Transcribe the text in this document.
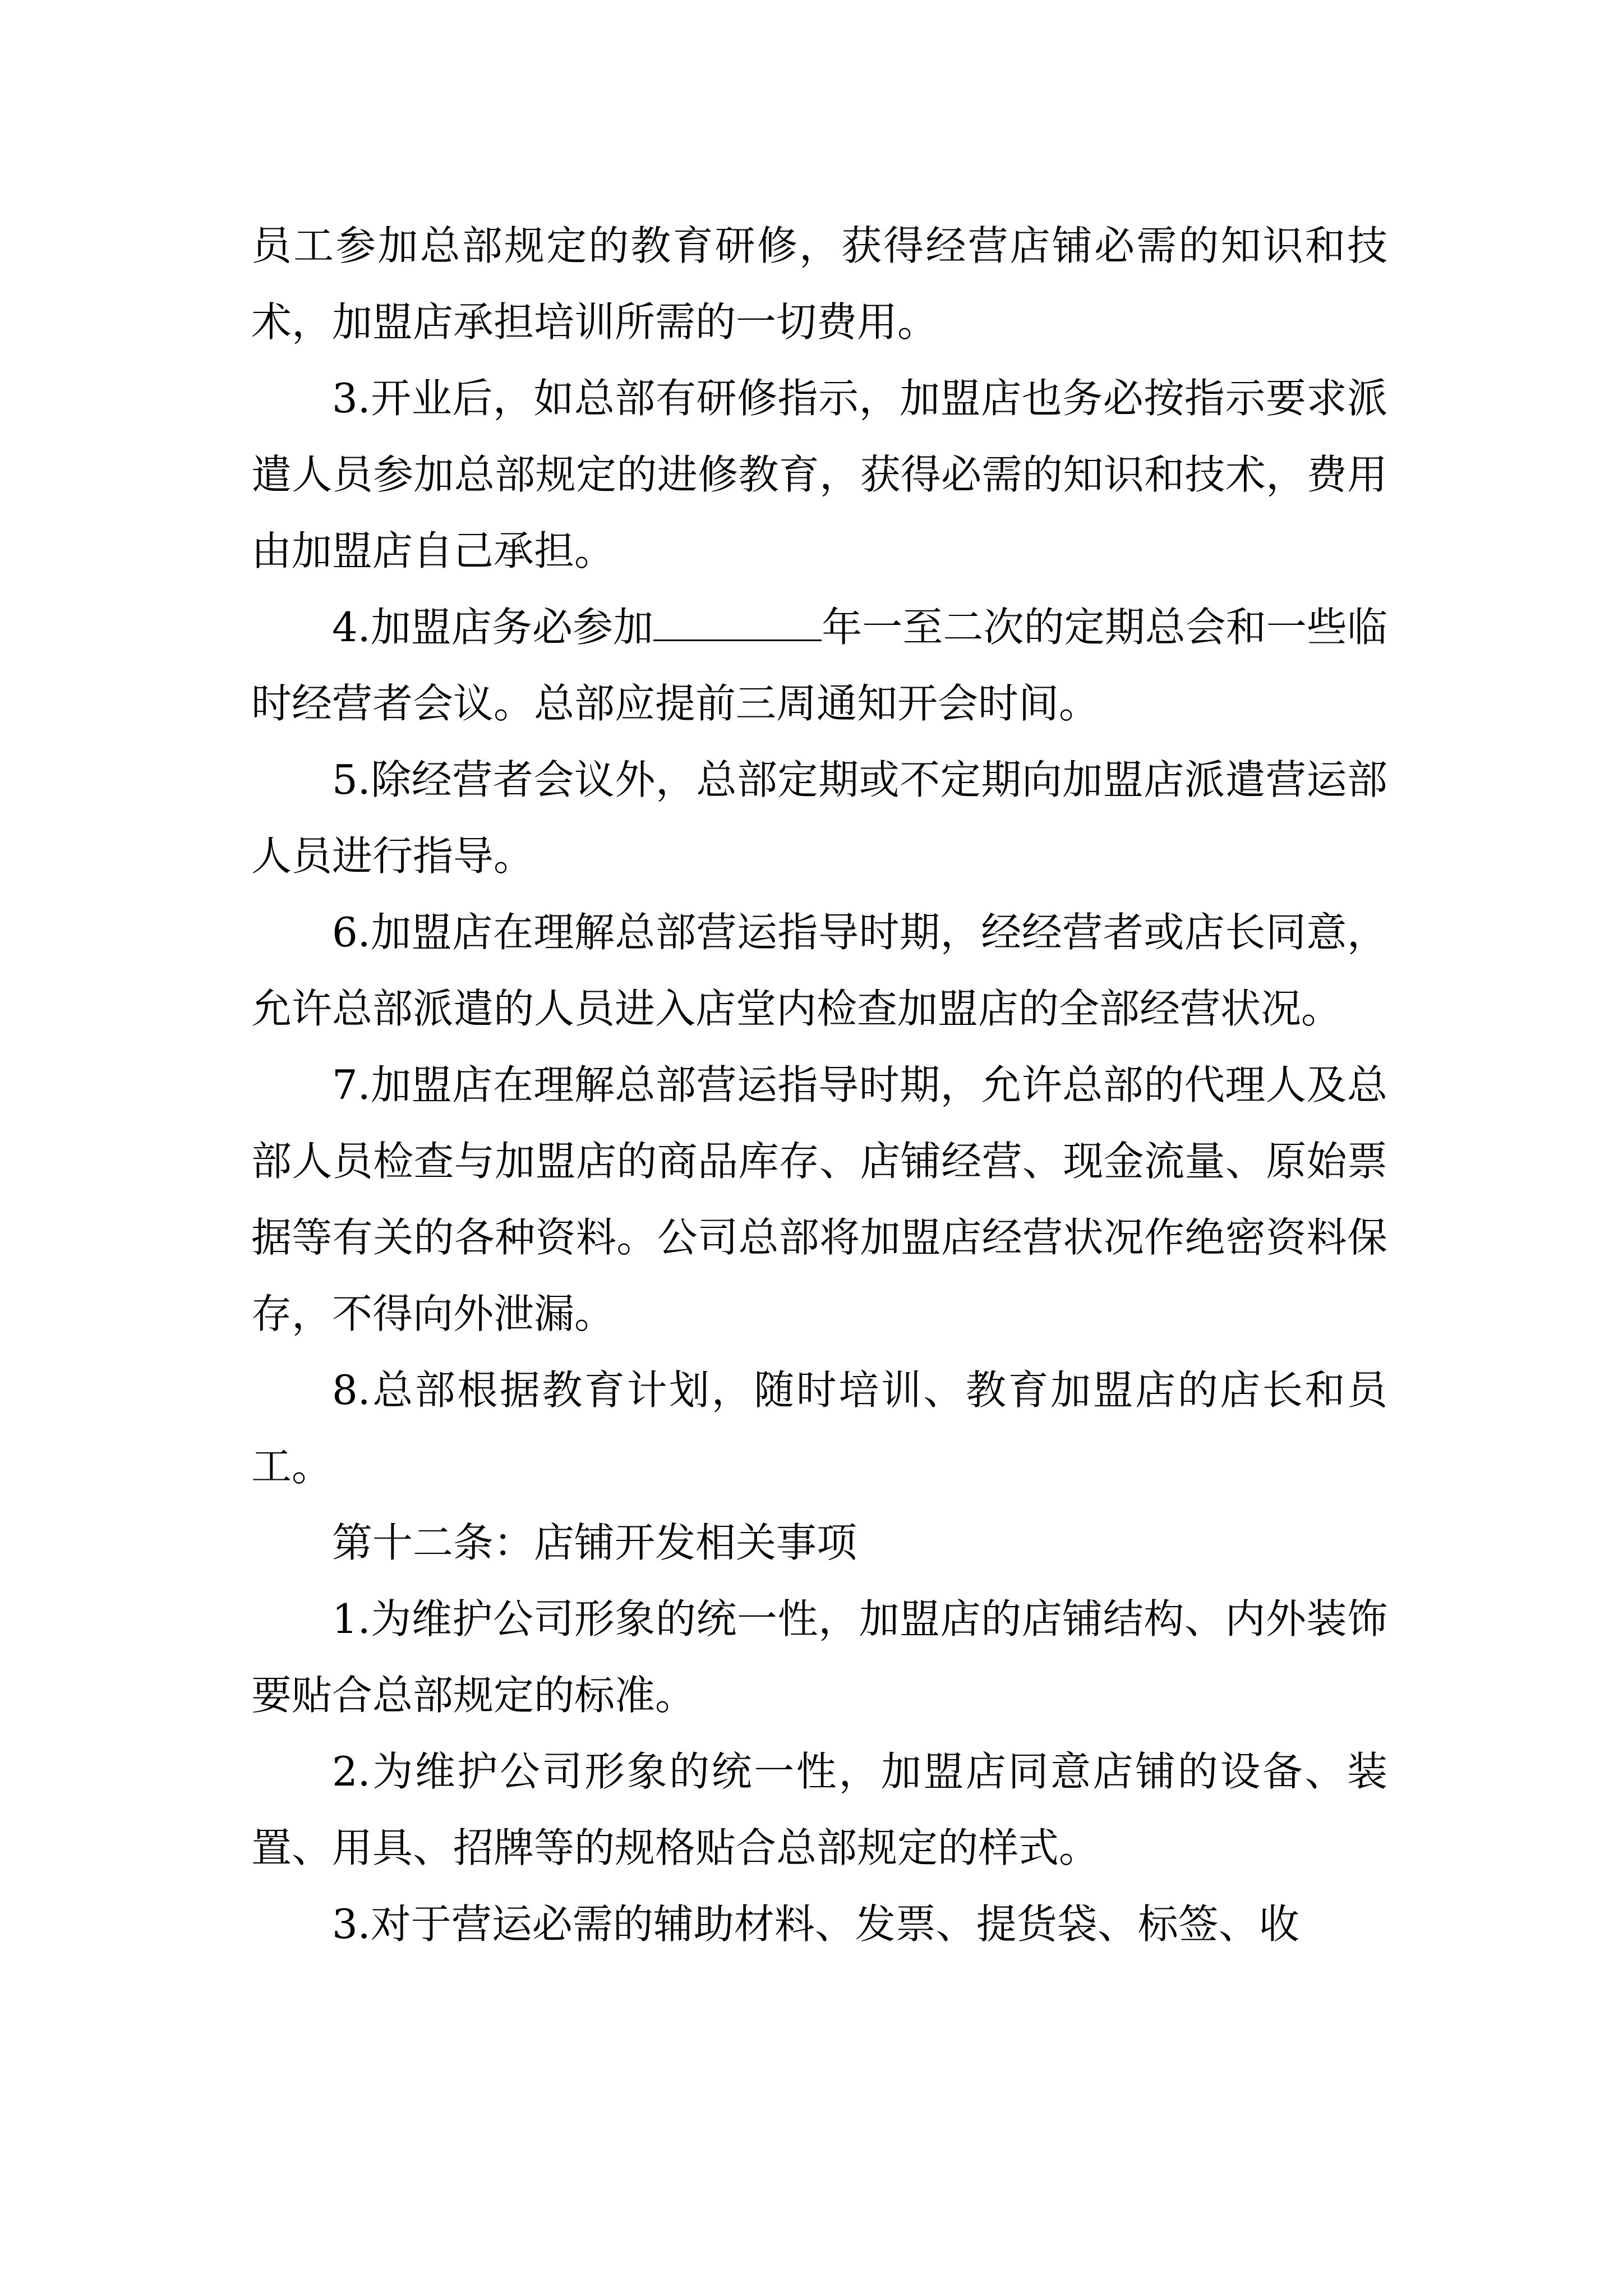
员工参加总部规定的教育研修，获得经营店铺必需的知识和技术，加盟店承担培训所需的一切费用。

3.开业后，如总部有研修指示，加盟店也务必按指示要求派遣人员参加总部规定的进修教育，获得必需的知识和技术，费用由加盟店自己承担。

4.加盟店务必参加	年一至二次的定期总会和一些临时经营者会议。总部应提前三周通知开会时间。

5.除经营者会议外，总部定期或不定期向加盟店派遣营运部人员进行指导。

6.加盟店在理解总部营运指导时期，经经营者或店长同意，允许总部派遣的人员进入店堂内检查加盟店的全部经营状况。

7.加盟店在理解总部营运指导时期，允许总部的代理人及总部人员检查与加盟店的商品库存、店铺经营、现金流量、原始票据等有关的各种资料。公司总部将加盟店经营状况作绝密资料保存，不得向外泄漏。

8.总部根据教育计划，随时培训、教育加盟店的店长和员工。

第十二条：店铺开发相关事项

1.为维护公司形象的统一性，加盟店的店铺结构、内外装饰要贴合总部规定的标准。

2.为维护公司形象的统一性，加盟店同意店铺的设备、装置、用具、招牌等的规格贴合总部规定的样式。

3.对于营运必需的辅助材料、发票、提货袋、标签、收
